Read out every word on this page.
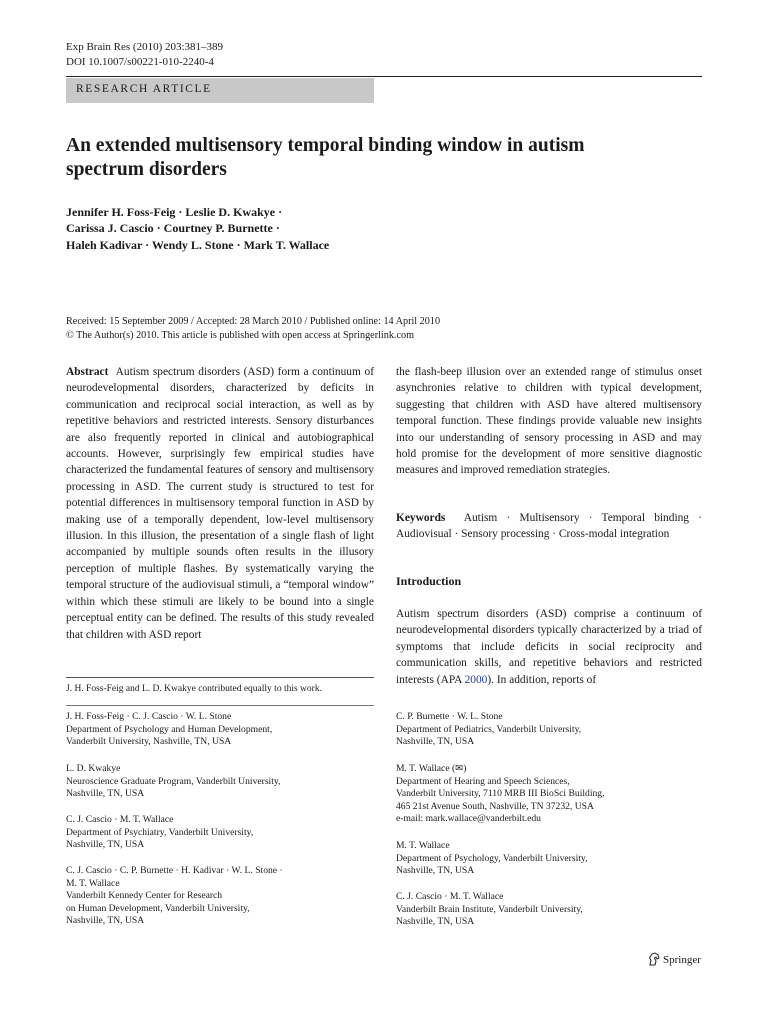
Exp Brain Res (2010) 203:381–389
DOI 10.1007/s00221-010-2240-4
RESEARCH ARTICLE
An extended multisensory temporal binding window in autism
spectrum disorders
Jennifer H. Foss-Feig · Leslie D. Kwakye ·
Carissa J. Cascio · Courtney P. Burnette ·
Haleh Kadivar · Wendy L. Stone · Mark T. Wallace
Received: 15 September 2009 / Accepted: 28 March 2010 / Published online: 14 April 2010
© The Author(s) 2010. This article is published with open access at Springerlink.com
Abstract Autism spectrum disorders (ASD) form a continuum of neurodevelopmental disorders, characterized by deficits in communication and reciprocal social interaction, as well as by repetitive behaviors and restricted interests. Sensory disturbances are also frequently reported in clinical and autobiographical accounts. However, surprisingly few empirical studies have characterized the fundamental features of sensory and multisensory processing in ASD. The current study is structured to test for potential differences in multisensory temporal function in ASD by making use of a temporally dependent, low-level multisensory illusion. In this illusion, the presentation of a single flash of light accompanied by multiple sounds often results in the illusory perception of multiple flashes. By systematically varying the temporal structure of the audiovisual stimuli, a “temporal window” within which these stimuli are likely to be bound into a single perceptual entity can be defined. The results of this study revealed that children with ASD report
the flash-beep illusion over an extended range of stimulus onset asynchronies relative to children with typical development, suggesting that children with ASD have altered multisensory temporal function. These findings provide valuable new insights into our understanding of sensory processing in ASD and may hold promise for the development of more sensitive diagnostic measures and improved remediation strategies.
Keywords Autism · Multisensory · Temporal binding · Audiovisual · Sensory processing · Cross-modal integration
Introduction
Autism spectrum disorders (ASD) comprise a continuum of neurodevelopmental disorders typically characterized by a triad of symptoms that include deficits in social reciprocity and communication skills, and repetitive behaviors and restricted interests (APA 2000). In addition, reports of
J. H. Foss-Feig and L. D. Kwakye contributed equally to this work.
J. H. Foss-Feig · C. J. Cascio · W. L. Stone
Department of Psychology and Human Development,
Vanderbilt University, Nashville, TN, USA
L. D. Kwakye
Neuroscience Graduate Program, Vanderbilt University,
Nashville, TN, USA
C. J. Cascio · M. T. Wallace
Department of Psychiatry, Vanderbilt University,
Nashville, TN, USA
C. J. Cascio · C. P. Burnette · H. Kadivar · W. L. Stone ·
M. T. Wallace
Vanderbilt Kennedy Center for Research
on Human Development, Vanderbilt University,
Nashville, TN, USA
C. P. Burnette · W. L. Stone
Department of Pediatrics, Vanderbilt University,
Nashville, TN, USA
M. T. Wallace (✉)
Department of Hearing and Speech Sciences,
Vanderbilt University, 7110 MRB III BioSci Building,
465 21st Avenue South, Nashville, TN 37232, USA
e-mail: mark.wallace@vanderbilt.edu
M. T. Wallace
Department of Psychology, Vanderbilt University,
Nashville, TN, USA
C. J. Cascio · M. T. Wallace
Vanderbilt Brain Institute, Vanderbilt University,
Nashville, TN, USA
Springer
